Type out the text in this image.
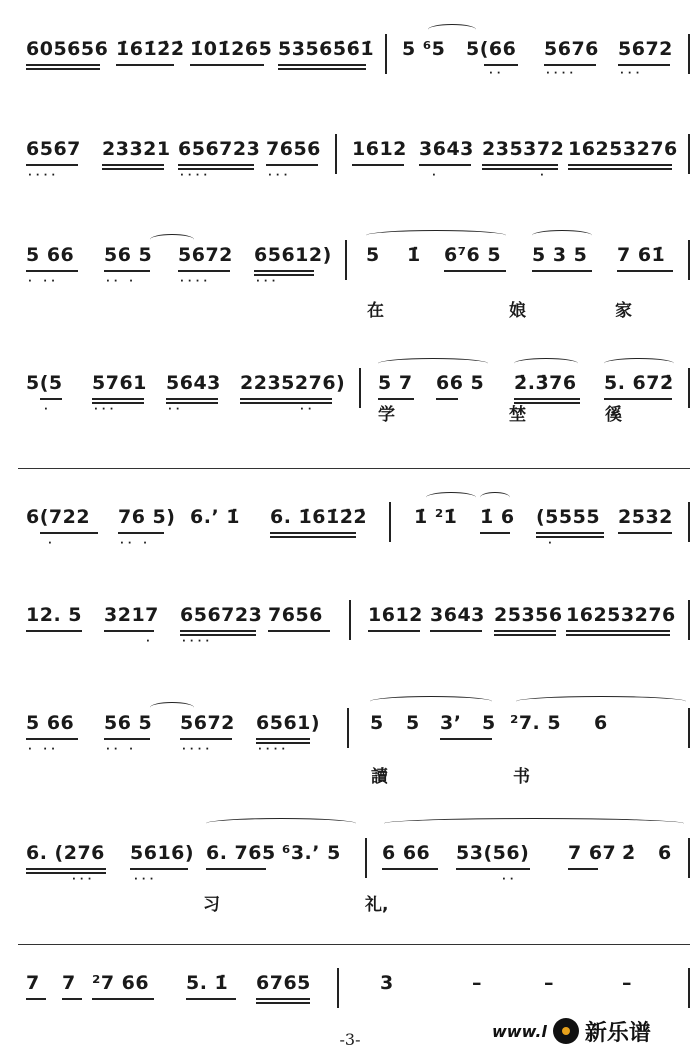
605656 1̇61̇2̇2̇ 1̇01̇265 53565̇6̇1̇ 5 ⁶5 5(66 5676 5672
··	····	···
6567 23321 656723 7656 1612 3643 235372 16253276
····	····	···	·	·
5 66 56 5 5672 65612) 5 1̇ 6⁷6 5 5 3 5 7 61̇
· ··	·· ·	····	···
在	娘	家
5(5 5761 5643 2235276) 5 7 66 5 2̇.3̇76 5. 672̇
·	···	··	··	学	埜	徯
6(722 76 5) 6.’ 1̇ 6. 1̇61̇2̇2̇ 1̇ ²1̇ 1̇ 6 (5555 2532
·	·· ·	·
12. 5 3217 656723 7656 1612 3643 25356 16253276
·	····
5 66 56 5 5672 6561)	5 5 3’ 5 ²7. 5 6
· ··	·· ·	····	····
讀	书
6. (276 5616) 6. 765 ⁶3.’ 5 6 66 53(56) 7 67 2̇ 6
···	···	··
习	礼,
7 7 ²7 66 5. 1̇ 6765	3	–	–	–
-3-	www.l 新乐谱
